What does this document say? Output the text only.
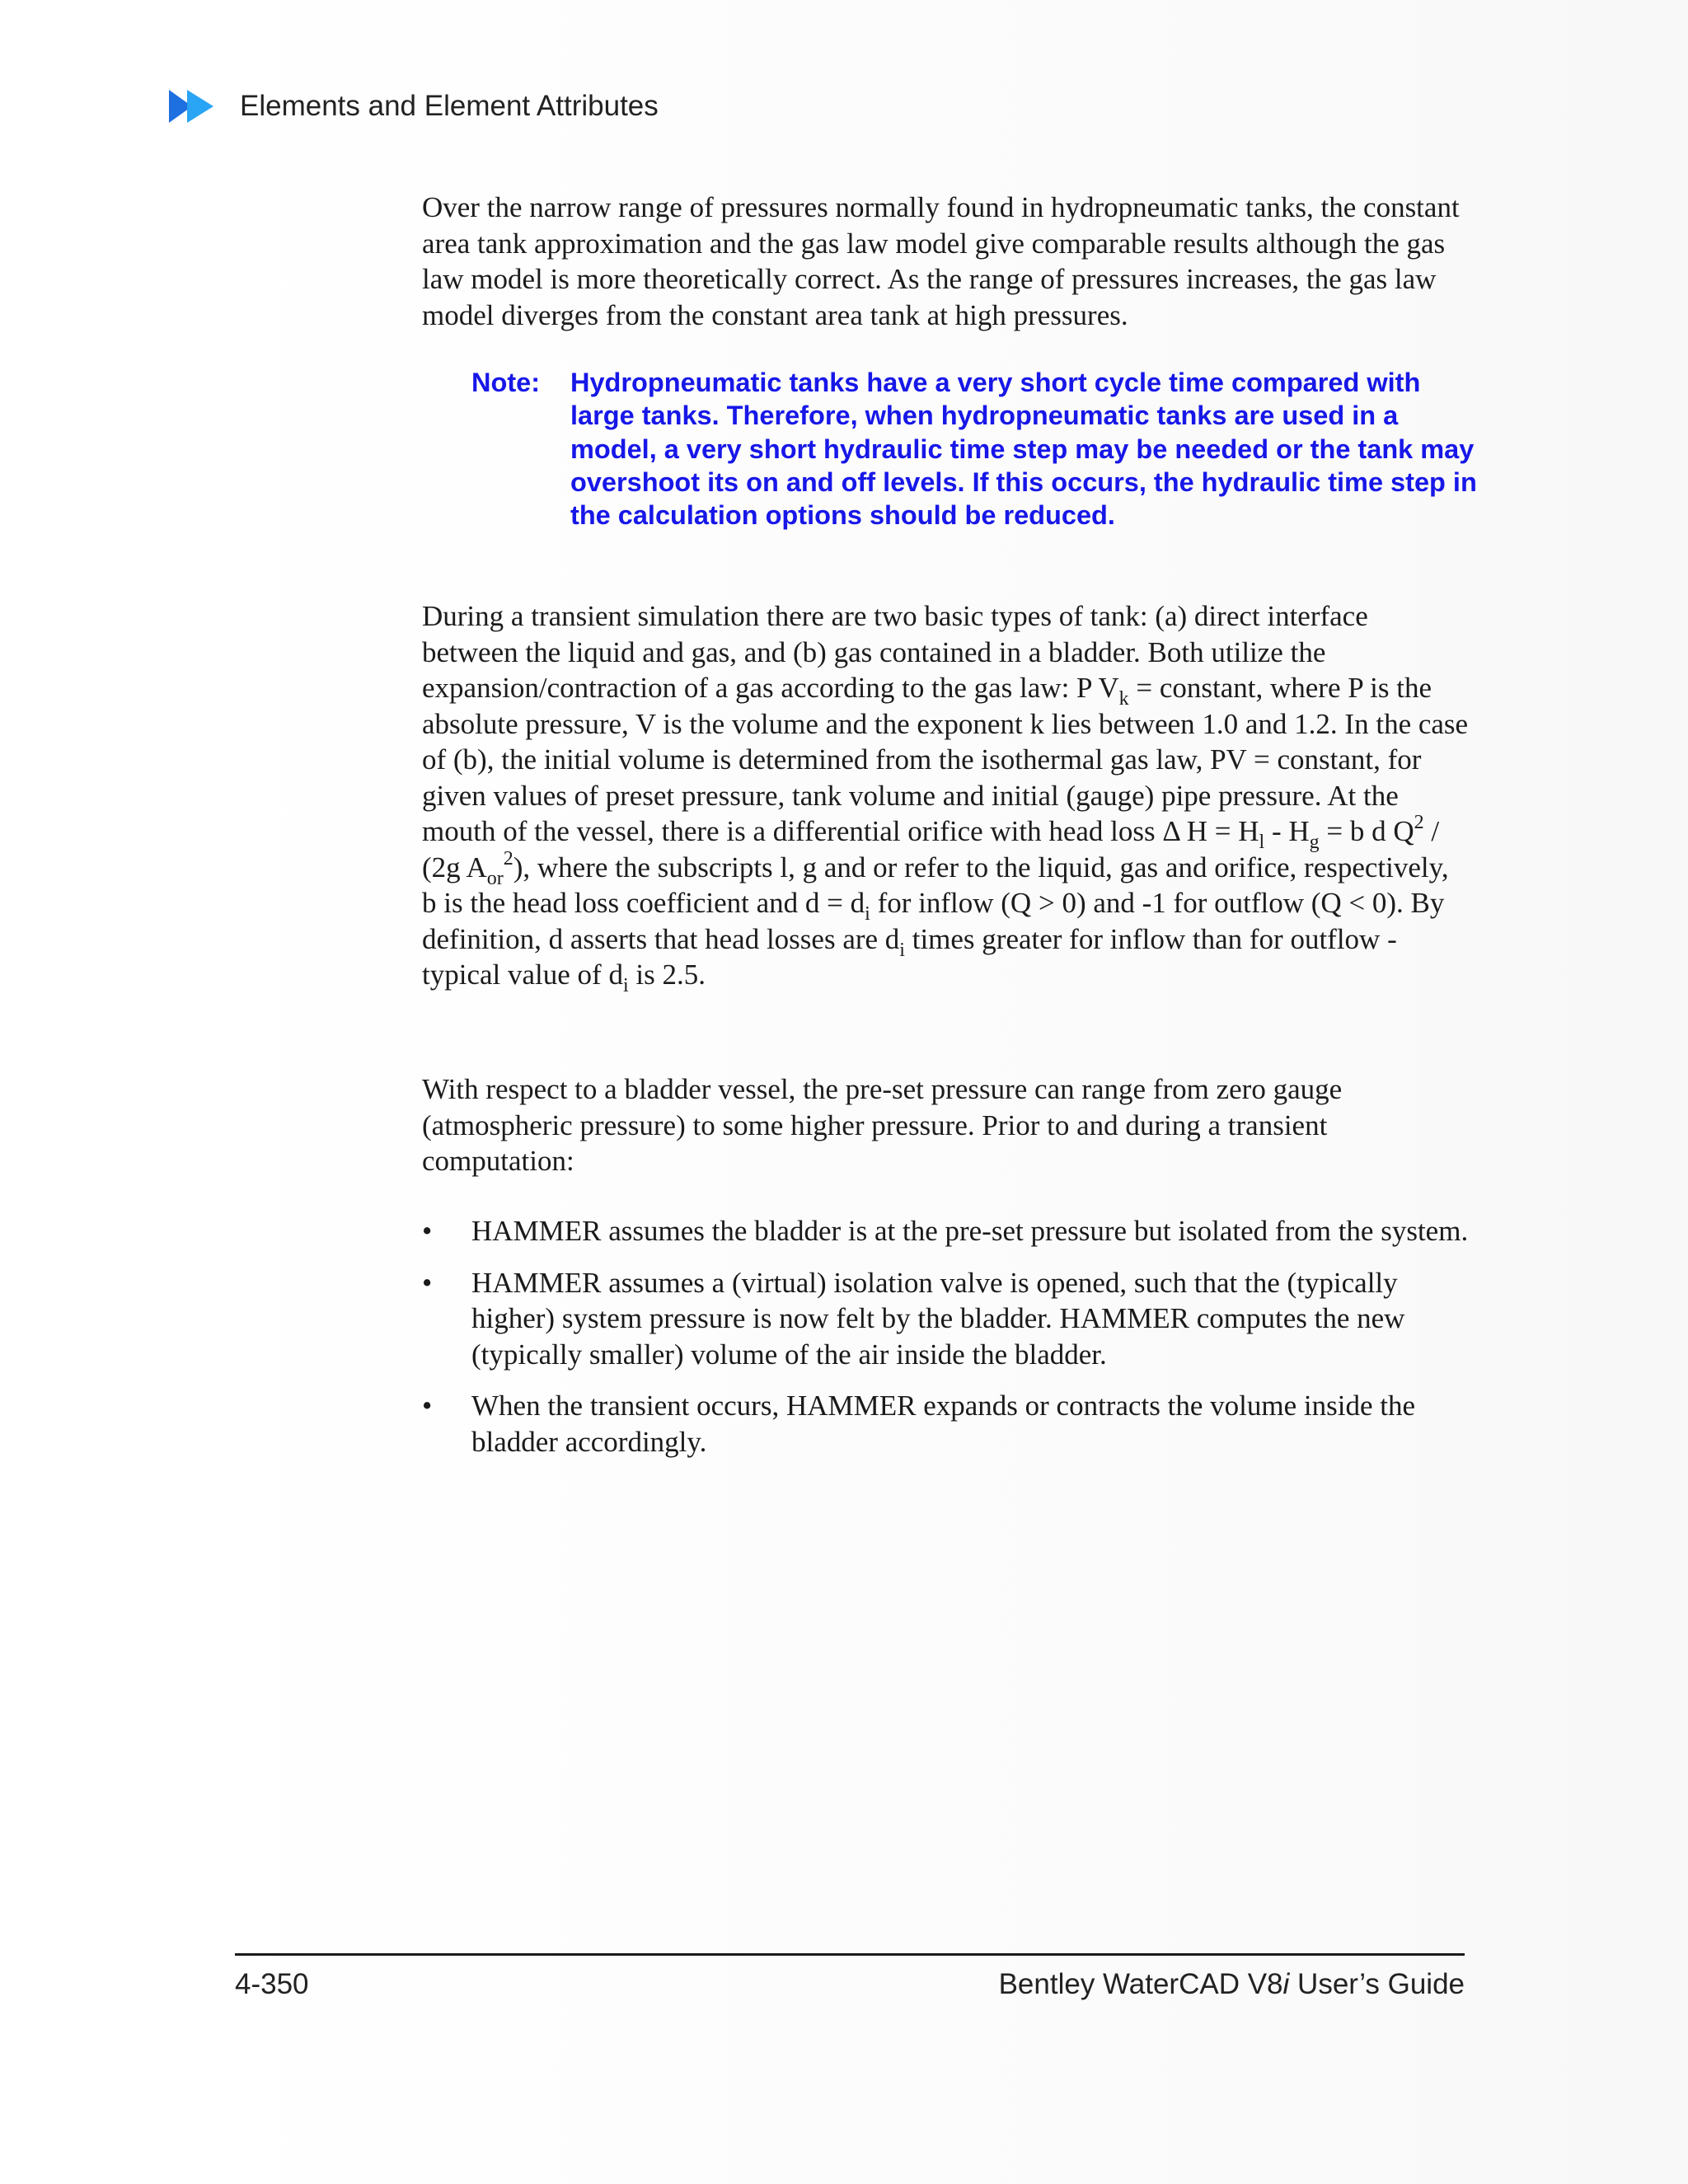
Elements and Element Attributes

Over the narrow range of pressures normally found in hydropneumatic tanks, the constant area tank approximation and the gas law model give comparable results although the gas law model is more theoretically correct. As the range of pressures increases, the gas law model diverges from the constant area tank at high pressures.

Note:	Hydropneumatic tanks have a very short cycle time compared with large tanks. Therefore, when hydropneumatic tanks are used in a model, a very short hydraulic time step may be needed or the tank may overshoot its on and off levels. If this occurs, the hydraulic time step in the calculation options should be reduced.

During a transient simulation there are two basic types of tank: (a) direct interface between the liquid and gas, and (b) gas contained in a bladder. Both utilize the expansion/contraction of a gas according to the gas law: P $V_k$ = constant, where P is the absolute pressure, V is the volume and the exponent k lies between 1.0 and 1.2. In the case of (b), the initial volume is determined from the isothermal gas law, PV = constant, for given values of preset pressure, tank volume and initial (gauge) pipe pressure. At the mouth of the vessel, there is a differential orifice with head loss Δ $H = H_l - H_g = b$ d $Q^2 / (2g$ $A_{or}^2$), where the subscripts l, g and or refer to the liquid, gas and orifice, respectively, b is the head loss coefficient and $d = d_i$ for inflow (Q > 0) and -1 for outflow (Q < 0). By definition, d asserts that head losses are $d_i$ times greater for inflow than for outflow - typical value of $d_i$ is 2.5.

With respect to a bladder vessel, the pre-set pressure can range from zero gauge (atmospheric pressure) to some higher pressure. Prior to and during a transient computation:

• HAMMER assumes the bladder is at the pre-set pressure but isolated from the system.
• HAMMER assumes a (virtual) isolation valve is opened, such that the (typically higher) system pressure is now felt by the bladder. HAMMER computes the new (typically smaller) volume of the air inside the bladder.
• When the transient occurs, HAMMER expands or contracts the volume inside the bladder accordingly.
4-350	Bentley WaterCAD V8i User’s Guide
